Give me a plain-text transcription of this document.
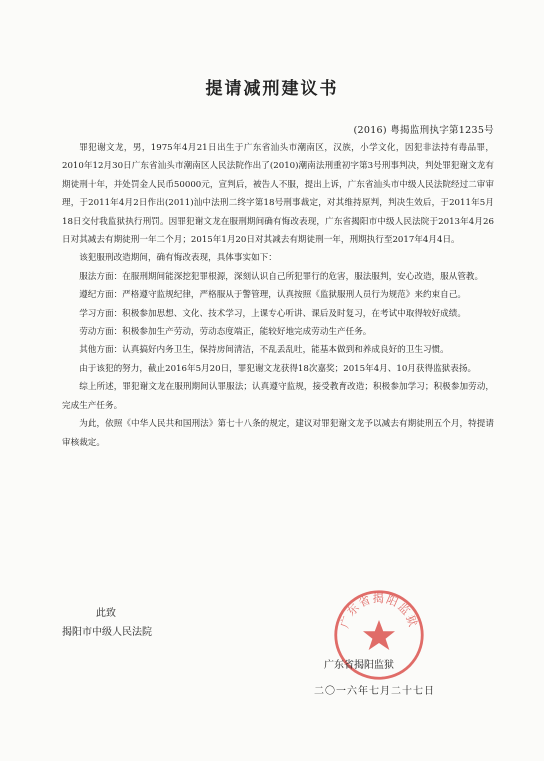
提请减刑建议书
(2016) 粤揭监刑执字第1235号

罪犯谢文龙，男，1975年4月21日出生于广东省汕头市潮南区，汉族，小学文化，因犯非法持有毒品罪，2010年12月30日广东省汕头市潮南区人民法院作出了(2010)潮南法刑重初字第3号刑事判决，判处罪犯谢文龙有期徒刑十年，并处罚金人民币50000元，宣判后，被告人不服，提出上诉，广东省汕头市中级人民法院经过二审审理，于2011年4月2日作出(2011)汕中法刑二终字第18号刑事裁定，对其维持原判，判决生效后，于2011年5月18日交付我监狱执行刑罚。因罪犯谢文龙在服刑期间确有悔改表现，广东省揭阳市中级人民法院于2013年4月26日对其减去有期徒刑一年二个月；2015年1月20日对其减去有期徒刑一年，刑期执行至2017年4月4日。

该犯服刑改造期间，确有悔改表现，具体事实如下：

服法方面：在服刑期间能深挖犯罪根源，深刻认识自己所犯罪行的危害，服法服判，安心改造，服从管教。

遵纪方面：严格遵守监规纪律，严格服从于警管理，认真按照《监狱服刑人员行为规范》来约束自己。

学习方面：积极参加思想、文化、技术学习，上课专心听讲、课后及时复习，在考试中取得较好成绩。

劳动方面：积极参加生产劳动，劳动态度端正，能较好地完成劳动生产任务。

其他方面：认真搞好内务卫生，保持房间清洁，不乱丢乱吐，能基本做到和养成良好的卫生习惯。

由于该犯的努力，截止2016年5月20日，罪犯谢文龙获得18次嘉奖；2015年4月、10月获得监狱表扬。

综上所述，罪犯谢文龙在服刑期间认罪服法；认真遵守监规，接受教育改造；积极参加学习；积极参加劳动，完成生产任务。

为此，依照《中华人民共和国刑法》第七十八条的规定，建议对罪犯谢文龙予以减去有期徒刑五个月，特提请审核裁定。

此致
揭阳市中级人民法院
广东省揭阳监狱
广东省揭阳监狱
二〇一六年七月二十七日
